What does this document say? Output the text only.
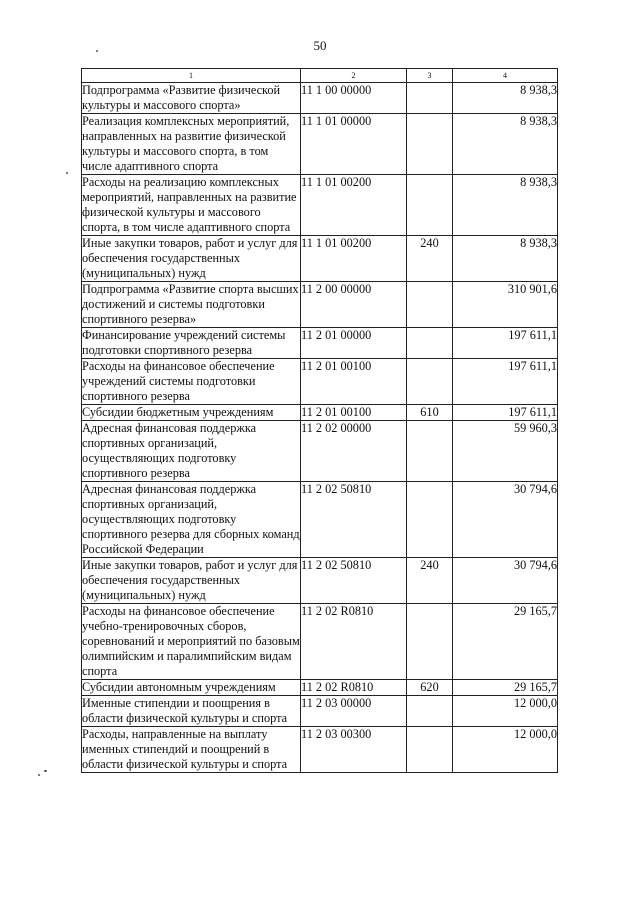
50
1	2	3	4
Подпрограмма «Развитие физической культуры и массового спорта»	11 1 00 00000		8 938,3
Реализация комплексных мероприятий, направленных на развитие физической культуры и массового спорта, в том числе адаптивного спорта	11 1 01 00000		8 938,3
Расходы на реализацию комплексных мероприятий, направленных на развитие физической культуры и массового спорта, в том числе адаптивного спорта	11 1 01 00200		8 938,3
Иные закупки товаров, работ и услуг для обеспечения государственных (муниципальных) нужд	11 1 01 00200	240	8 938,3
Подпрограмма «Развитие спорта высших достижений и системы подготовки спортивного резерва»	11 2 00 00000		310 901,6
Финансирование учреждений системы подготовки спортивного резерва	11 2 01 00000		197 611,1
Расходы на финансовое обеспечение учреждений системы подготовки спортивного резерва	11 2 01 00100		197 611,1
Субсидии бюджетным учреждениям	11 2 01 00100	610	197 611,1
Адресная финансовая поддержка спортивных организаций, осуществляющих подготовку спортивного резерва	11 2 02 00000		59 960,3
Адресная финансовая поддержка спортивных организаций, осуществляющих подготовку спортивного резерва для сборных команд Российской Федерации	11 2 02 50810		30 794,6
Иные закупки товаров, работ и услуг для обеспечения государственных (муниципальных) нужд	11 2 02 50810	240	30 794,6
Расходы на финансовое обеспечение учебно-тренировочных сборов, соревнований и мероприятий по базовым олимпийским и паралимпийским видам спорта	11 2 02 R0810		29 165,7
Субсидии автономным учреждениям	11 2 02 R0810	620	29 165,7
Именные стипендии и поощрения в области физической культуры и спорта	11 2 03 00000		12 000,0
Расходы, направленные на выплату именных стипендий и поощрений в области физической культуры и спорта	11 2 03 00300		12 000,0
